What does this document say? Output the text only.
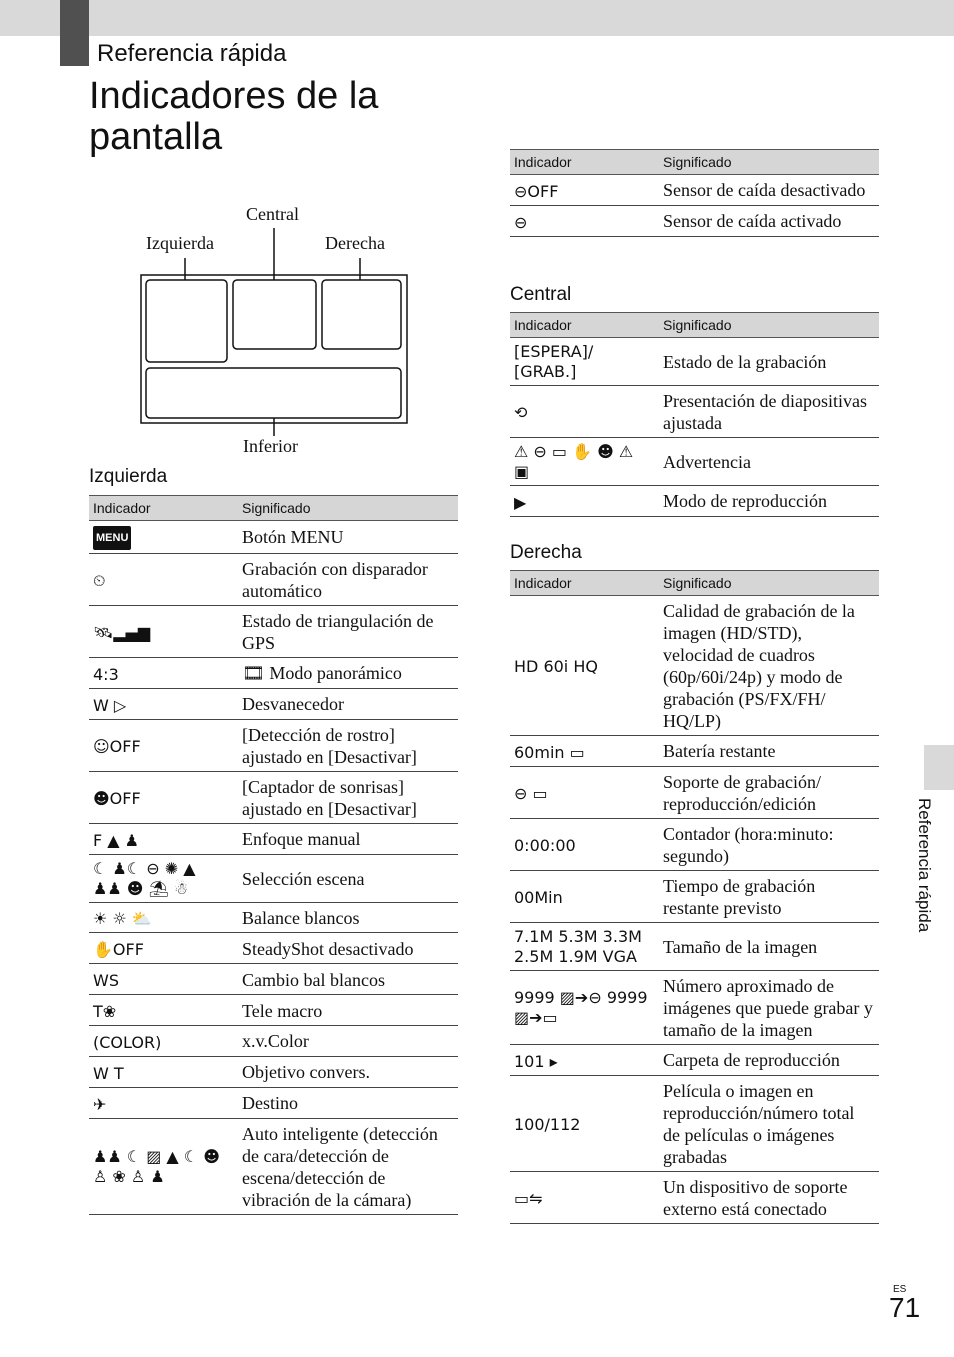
Referencia rápida
Indicadores de la pantalla
Central
Izquierda	Derecha
Inferior
Izquierda
Indicador	Significado
MENU	Botón MENU
⏲	Grabación con disparador automático
🛰▂▄▆	Estado de triangulación de GPS
4:3	🎞 Modo panorámico
W ▷	Desvanecedor
☺OFF	[Detección de rostro] ajustado en [Desactivar]
☻OFF	[Captador de sonrisas] ajustado en [Desactivar]
F ▲ ♟	Enfoque manual
☾ ♟☾ ⊖ ✺ ▲ ♟♟ ☻ ⛱ ☃	Selección escena
☀ ☼ ⛅	Balance blancos
✋OFF	SteadyShot desactivado
WS	Cambio bal blancos
T❀	Tele macro
(COLOR)	x.v.Color
W T	Objetivo convers.
✈	Destino
♟♟ ☾ ▨ ▲ ☾ ☻ ♙ ❀ ♙ ♟	Auto inteligente (detección de cara/detección de escena/detección de vibración de la cámara)
Indicador	Significado
⊖OFF	Sensor de caída desactivado
⊖	Sensor de caída activado
Central
Indicador	Significado
[ESPERA]/ [GRAB.]	Estado de la grabación
⟲	Presentación de diapositivas ajustada
⚠ ⊖ ▭ ✋ ☻ ⚠ ▣	Advertencia
▶	Modo de reproducción
Derecha
Indicador	Significado
HD 60i HQ	Calidad de grabación de la imagen (HD/STD), velocidad de cuadros (60p/60i/24p) y modo de grabación (PS/FX/FH/ HQ/LP)
60min ▭	Batería restante
⊖ ▭	Soporte de grabación/ reproducción/edición
0:00:00	Contador (hora:minuto: segundo)
00Min	Tiempo de grabación restante previsto
7.1M 5.3M 3.3M 2.5M 1.9M VGA	Tamaño de la imagen
9999 ▨➔⊖ 9999 ▨➔▭	Número aproximado de imágenes que puede grabar y tamaño de la imagen
101 ▸	Carpeta de reproducción
100/112	Película o imagen en reproducción/número total de películas o imágenes grabadas
▭⇋	Un dispositivo de soporte externo está conectado
Referencia rápida
ES
71
